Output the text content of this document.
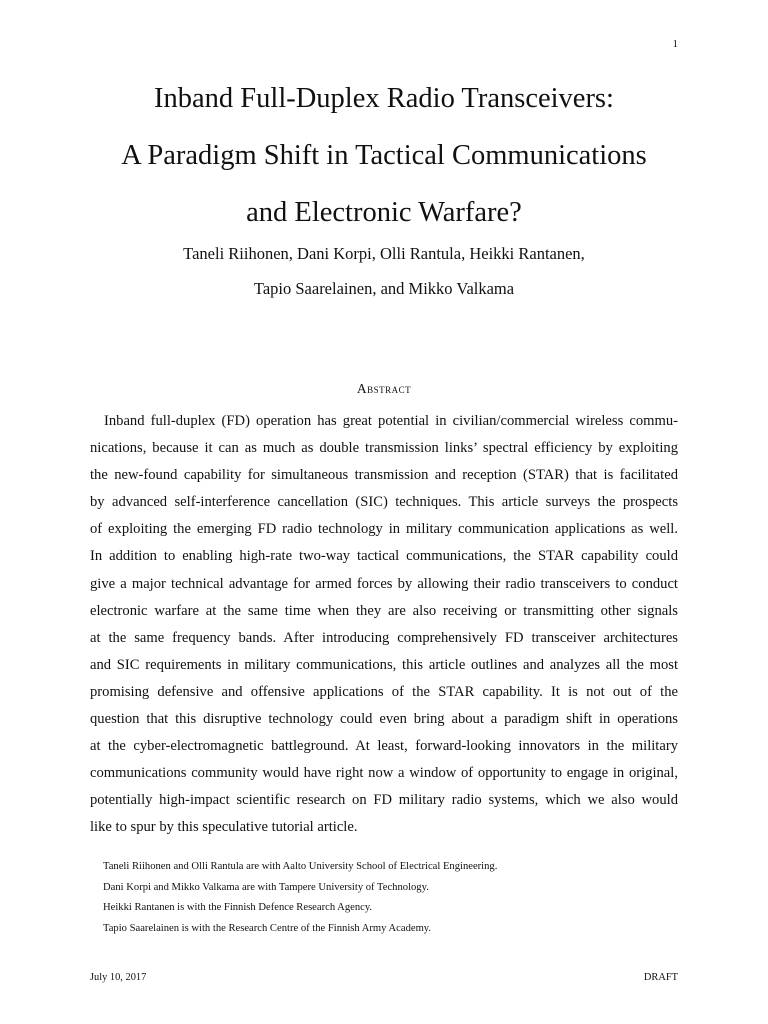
1
Inband Full-Duplex Radio Transceivers:
A Paradigm Shift in Tactical Communications
and Electronic Warfare?
Taneli Riihonen, Dani Korpi, Olli Rantula, Heikki Rantanen,
Tapio Saarelainen, and Mikko Valkama
Abstract
Inband full-duplex (FD) operation has great potential in civilian/commercial wireless commu-
nications, because it can as much as double transmission links’ spectral efficiency by exploiting
the new-found capability for simultaneous transmission and reception (STAR) that is facilitated
by advanced self-interference cancellation (SIC) techniques. This article surveys the prospects
of exploiting the emerging FD radio technology in military communication applications as well.
In addition to enabling high-rate two-way tactical communications, the STAR capability could
give a major technical advantage for armed forces by allowing their radio transceivers to conduct
electronic warfare at the same time when they are also receiving or transmitting other signals
at the same frequency bands. After introducing comprehensively FD transceiver architectures
and SIC requirements in military communications, this article outlines and analyzes all the most
promising defensive and offensive applications of the STAR capability. It is not out of the
question that this disruptive technology could even bring about a paradigm shift in operations
at the cyber-electromagnetic battleground. At least, forward-looking innovators in the military
communications community would have right now a window of opportunity to engage in original,
potentially high-impact scientific research on FD military radio systems, which we also would
like to spur by this speculative tutorial article.
Taneli Riihonen and Olli Rantula are with Aalto University School of Electrical Engineering.
Dani Korpi and Mikko Valkama are with Tampere University of Technology.
Heikki Rantanen is with the Finnish Defence Research Agency.
Tapio Saarelainen is with the Research Centre of the Finnish Army Academy.
July 10, 2017	DRAFT
